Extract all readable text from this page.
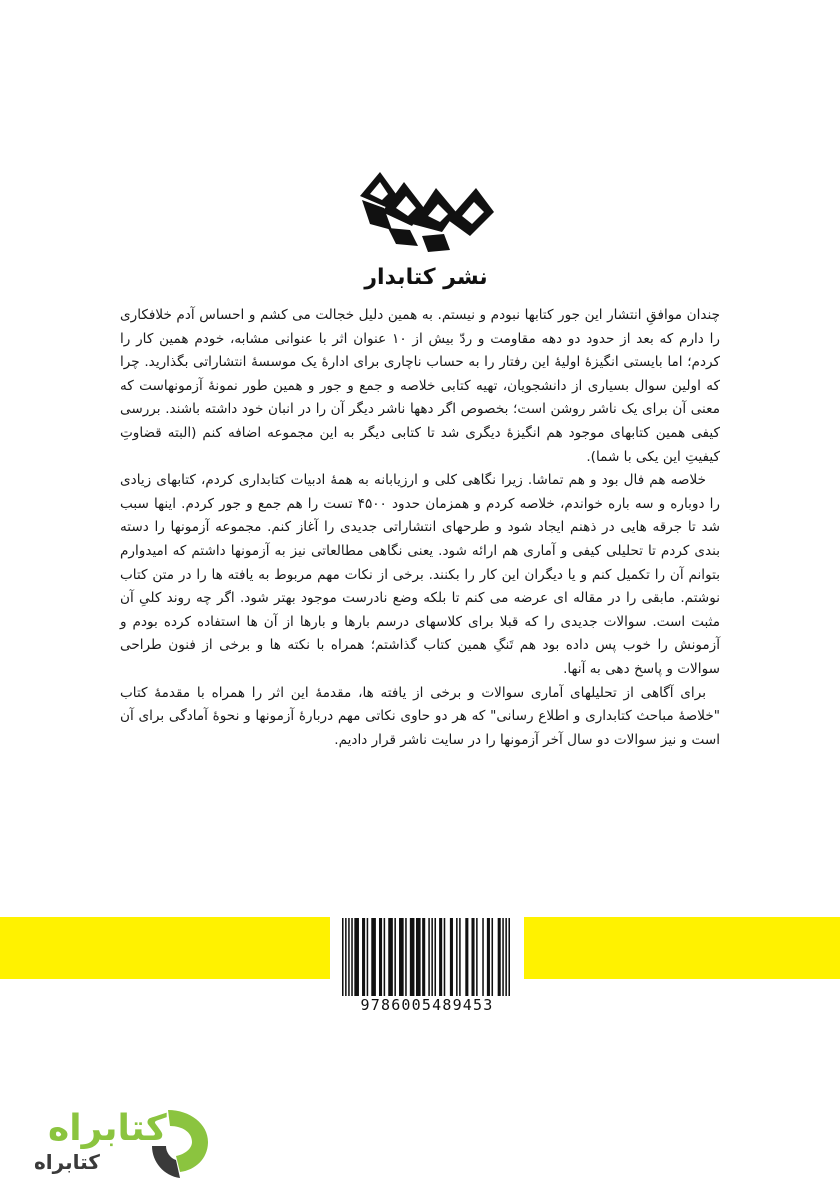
نشر کتابدار

چندان موافقِ انتشار این جور کتابها نبودم و نیستم. به همین دلیل خجالت می کشم و احساس آدم خلافکاری را دارم که بعد از حدود دو دهه مقاومت و ردّ بیش از ۱۰ عنوان اثر با عنوانی مشابه، خودم همین کار را کردم؛ اما بایستی انگیزهٔ اولیهٔ این رفتار را به حساب ناچاری برای ادارهٔ یک موسسهٔ انتشاراتی بگذارید. چرا که اولین سوال بسیاری از دانشجویان، تهیه کتابی خلاصه و جمع و جور و همین طور نمونهٔ آزمونهاست که معنی آن برای یک ناشر روشن است؛ بخصوص اگر دهها ناشر دیگر آن را در انبان خود داشته باشند. بررسی کیفی همین کتابهای موجود هم انگیزهٔ دیگری شد تا کتابی دیگر به این مجموعه اضافه کنم (البته قضاوتِ کیفیتِ این یکی با شما).

خلاصه هم فال بود و هم تماشا. زیرا نگاهی کلی و ارزیابانه به همهٔ ادبیات کتابداری کردم، کتابهای زیادی را دوباره و سه باره خواندم، خلاصه کردم و همزمان حدود ۴۵۰۰ تست را هم جمع و جور کردم. اینها سبب شد تا جرقه هایی در ذهنم ایجاد شود و طرحهای انتشاراتی جدیدی را آغاز کنم. مجموعه آزمونها را دسته بندی کردم تا تحلیلی کیفی و آماری هم ارائه شود. یعنی نگاهی مطالعاتی نیز به آزمونها داشتم که امیدوارم بتوانم آن را تکمیل کنم و یا دیگران این کار را بکنند. برخی از نکات مهم مربوط به یافته ها را در متن کتاب نوشتم. مابقی را در مقاله ای عرضه می کنم تا بلکه وضع نادرست موجود بهتر شود. اگر چه روند کلیِ آن مثبت است. سوالات جدیدی را که قبلا برای کلاسهای درسم بارها و بارها از آن ها استفاده کرده بودم و آزمونش را خوب پس داده بود هم تَنگِ همین کتاب گذاشتم؛ همراه با نکته ها و برخی از فنون طراحی سوالات و پاسخ دهی به آنها.

برای آگاهی از تحلیلهای آماری سوالات و برخی از یافته ها، مقدمهٔ این اثر را همراه با مقدمهٔ کتاب "خلاصهٔ مباحث کتابداری و اطلاع رسانی" که هر دو حاوی نکاتی مهم دربارهٔ آزمونها و نحوهٔ آمادگی برای آن است و نیز سوالات دو سال آخر آزمونها را در سایت ناشر قرار دادیم.

9786005489453
کتابراه
کتابراه
